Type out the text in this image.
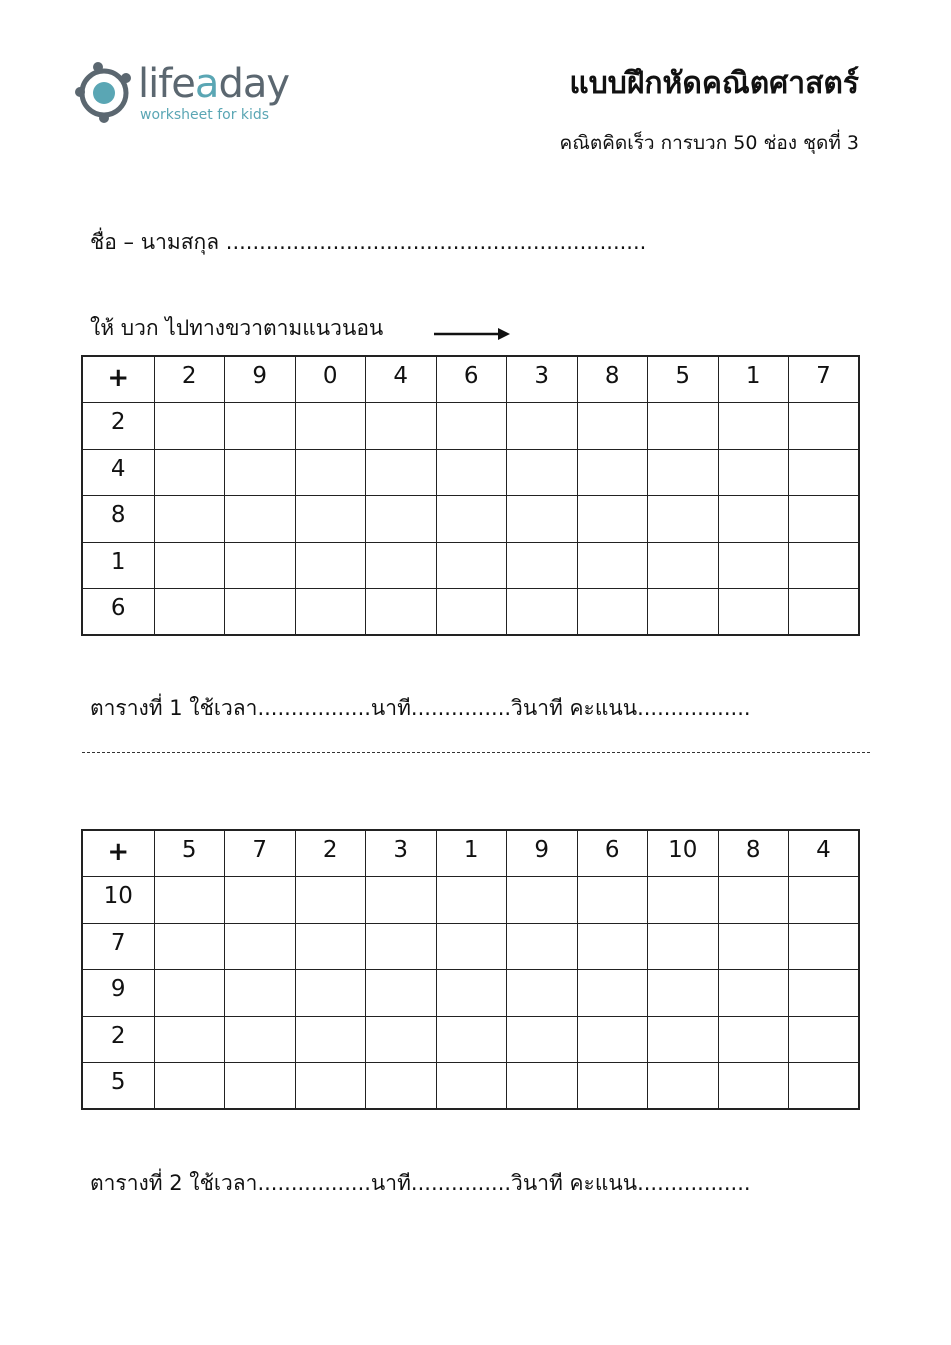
lifeaday
worksheet for kids
แบบฝึกหัดคณิตศาสตร์
คณิตคิดเร็ว การบวก 50 ช่อง ชุดที่ 3
ชื่อ – นามสกุล ...............................................................
ให้ บวก ไปทางขวาตามแนวนอน
+	2	9	0	4	6	3	8	5	1	7
2										
4										
8										
1										
6										
ตารางที่ 1 ใช้เวลา.................นาที...............วินาที คะแนน.................
+	5	7	2	3	1	9	6	10	8	4
10										
7										
9										
2										
5										
ตารางที่ 2 ใช้เวลา.................นาที...............วินาที คะแนน.................
